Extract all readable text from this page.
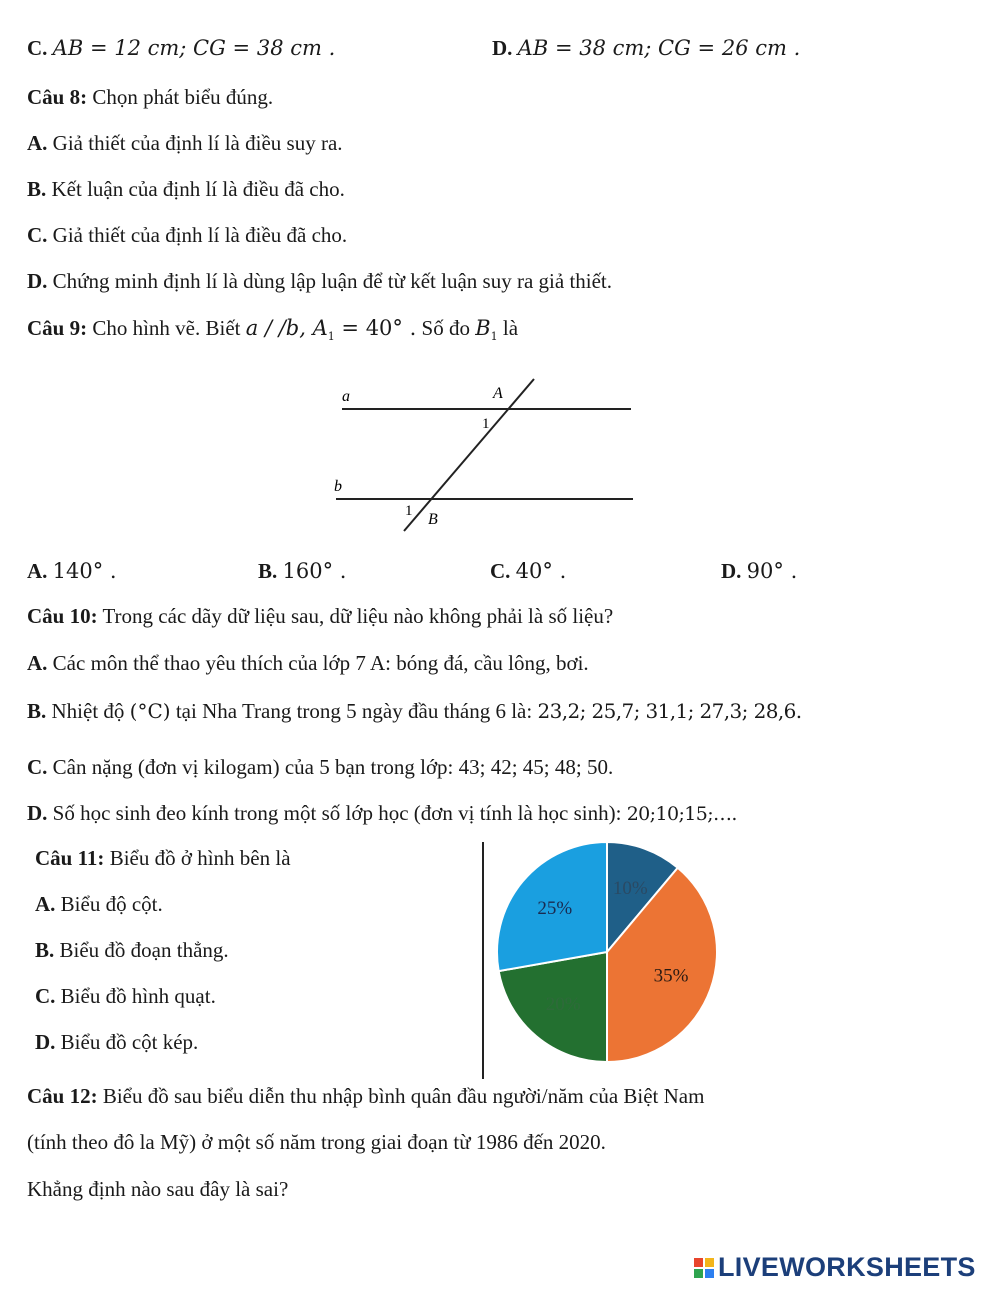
C. AB = 12 cm; CG = 38 cm .	D. AB = 38 cm; CG = 26 cm .
Câu 8: Chọn phát biểu đúng.
A. Giả thiết của định lí là điều suy ra.
B. Kết luận của định lí là điều đã cho.
C. Giả thiết của định lí là điều đã cho.
D. Chứng minh định lí là dùng lập luận để từ kết luận suy ra giả thiết.
Câu 9: Cho hình vẽ. Biết a / /b, $A_1 = 40^\circ$ . Số đo $B_1$ là
a
b
A
1
1 B
A. 140° .	B. 160° .	C. 40° .	D. 90° .
Câu 10: Trong các dãy dữ liệu sau, dữ liệu nào không phải là số liệu?
A. Các môn thể thao yêu thích của lớp 7 A: bóng đá, cầu lông, bơi.
B. Nhiệt độ (°C) tại Nha Trang trong 5 ngày đầu tháng 6 là: 23,2; 25,7; 31,1; 27,3; 28,6.
C. Cân nặng (đơn vị kilogam) của 5 bạn trong lớp: 43; 42; 45; 48; 50.
D. Số học sinh đeo kính trong một số lớp học (đơn vị tính là học sinh): 20;10;15;….
Câu 11: Biểu đồ ở hình bên là
A. Biểu độ cột.
B. Biểu đồ đoạn thẳng.
C. Biểu đồ hình quạt.
D. Biểu đồ cột kép.
10%
35%
20%
25%
Câu 12: Biểu đồ sau biểu diễn thu nhập bình quân đầu người/năm của Biệt Nam
(tính theo đô la Mỹ) ở một số năm trong giai đoạn từ 1986 đến 2020.
Khẳng định nào sau đây là sai?
LIVEWORKSHEETS
